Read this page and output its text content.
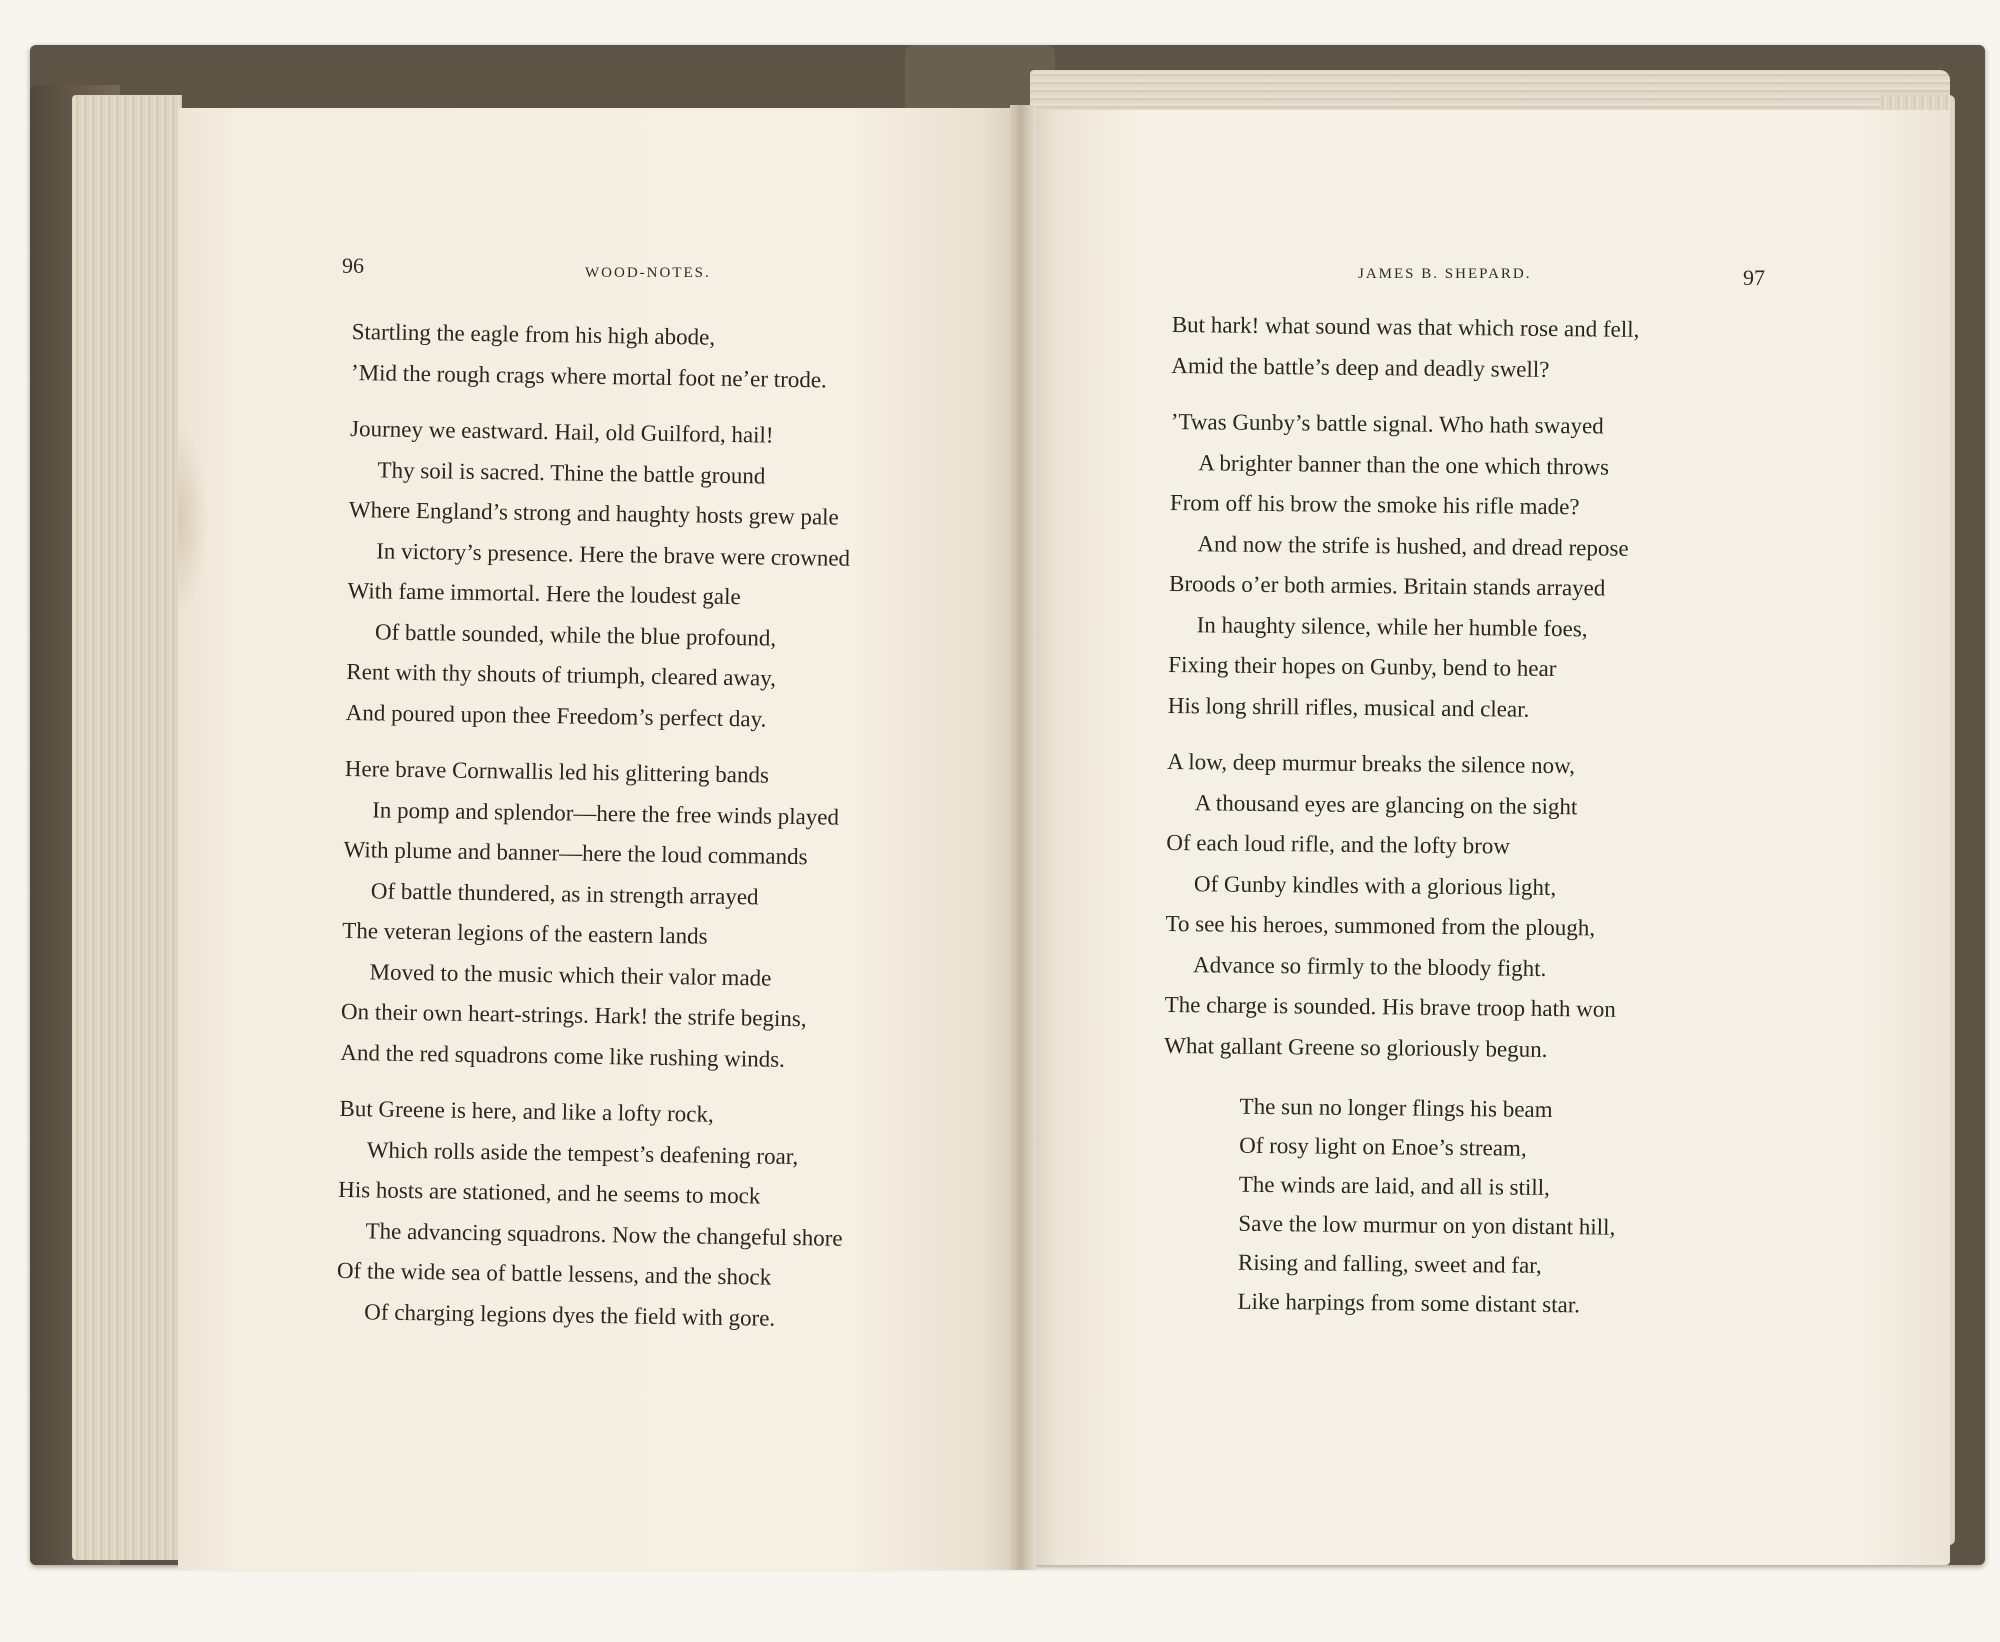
96	WOOD-NOTES.	JAMES B. SHEPARD.	97
Startling the eagle from his high abode,
’Mid the rough crags where mortal foot ne’er trode.
Journey we eastward. Hail, old Guilford, hail!
Thy soil is sacred. Thine the battle ground
Where England’s strong and haughty hosts grew pale
In victory’s presence. Here the brave were crowned
With fame immortal. Here the loudest gale
Of battle sounded, while the blue profound,
Rent with thy shouts of triumph, cleared away,
And poured upon thee Freedom’s perfect day.
Here brave Cornwallis led his glittering bands
In pomp and splendor—here the free winds played
With plume and banner—here the loud commands
Of battle thundered, as in strength arrayed
The veteran legions of the eastern lands
Moved to the music which their valor made
On their own heart-strings. Hark! the strife begins,
And the red squadrons come like rushing winds.
But Greene is here, and like a lofty rock,
Which rolls aside the tempest’s deafening roar,
His hosts are stationed, and he seems to mock
The advancing squadrons. Now the changeful shore
Of the wide sea of battle lessens, and the shock
Of charging legions dyes the field with gore.
But hark! what sound was that which rose and fell,
Amid the battle’s deep and deadly swell?
’Twas Gunby’s battle signal. Who hath swayed
A brighter banner than the one which throws
From off his brow the smoke his rifle made?
And now the strife is hushed, and dread repose
Broods o’er both armies. Britain stands arrayed
In haughty silence, while her humble foes,
Fixing their hopes on Gunby, bend to hear
His long shrill rifles, musical and clear.
A low, deep murmur breaks the silence now,
A thousand eyes are glancing on the sight
Of each loud rifle, and the lofty brow
Of Gunby kindles with a glorious light,
To see his heroes, summoned from the plough,
Advance so firmly to the bloody fight.
The charge is sounded. His brave troop hath won
What gallant Greene so gloriously begun.
The sun no longer flings his beam
Of rosy light on Enoe’s stream,
The winds are laid, and all is still,
Save the low murmur on yon distant hill,
Rising and falling, sweet and far,
Like harpings from some distant star.
